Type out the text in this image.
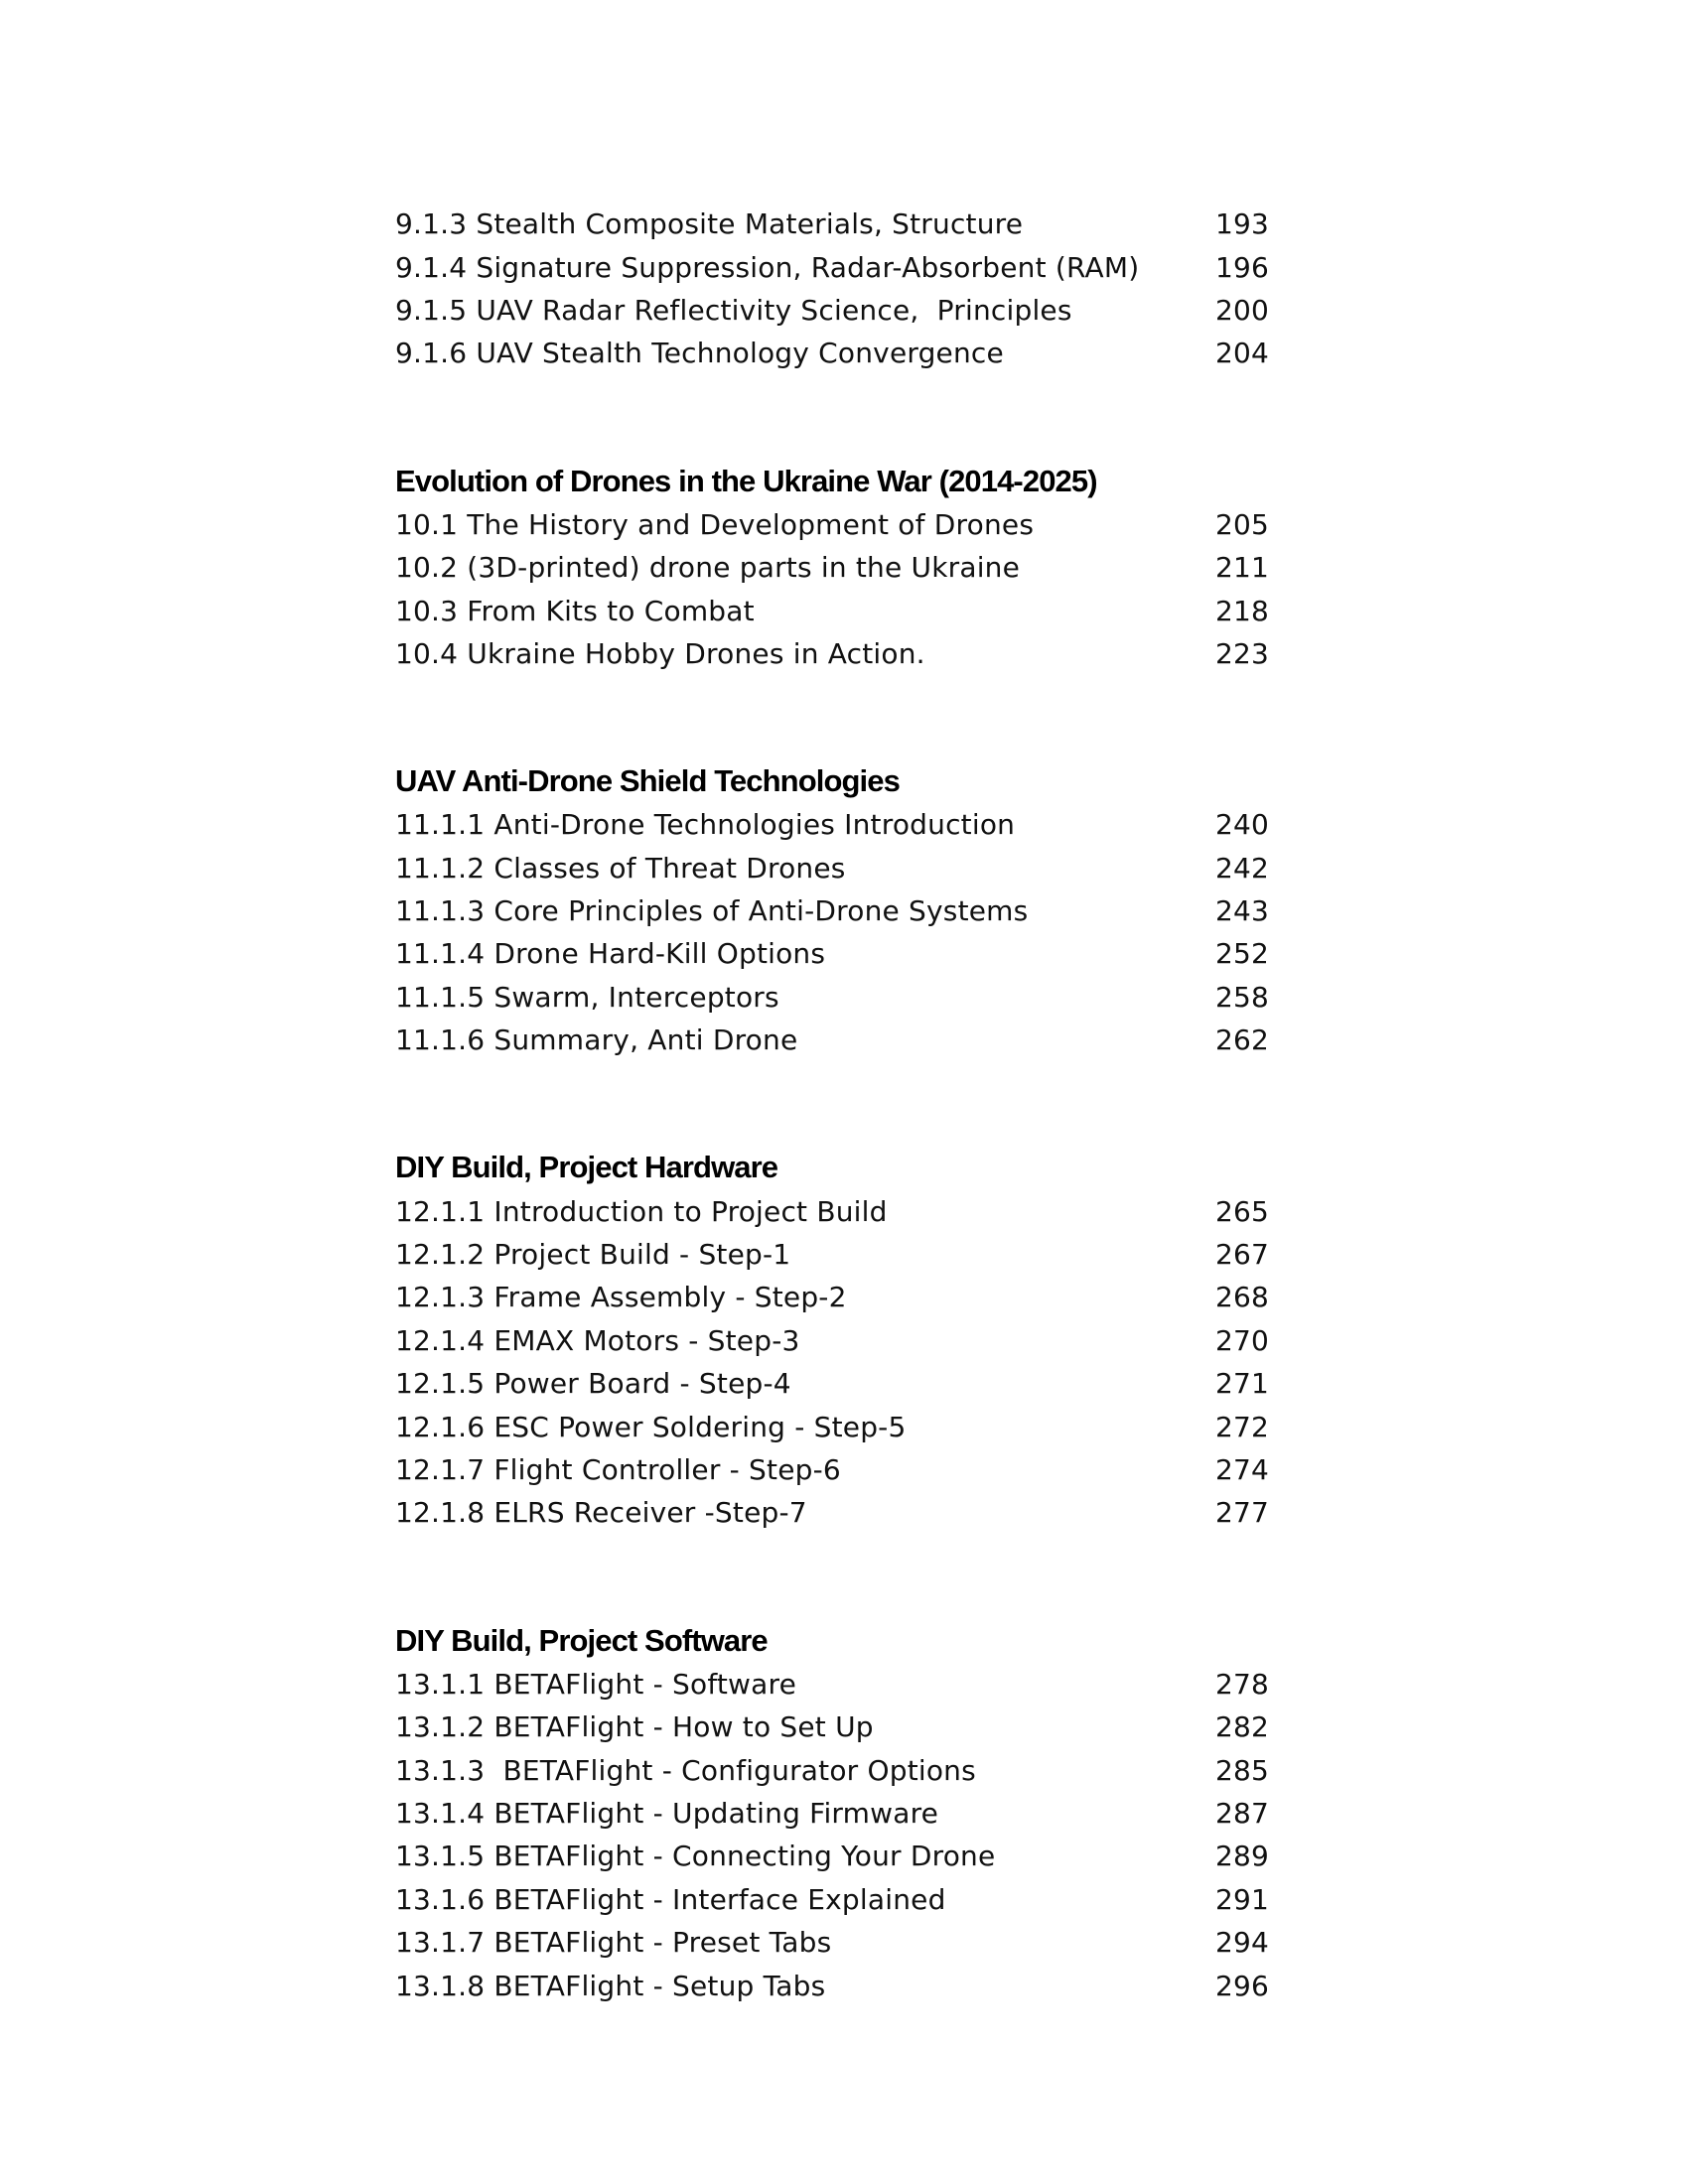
9.1.3 Stealth Composite Materials, Structure	193
9.1.4 Signature Suppression, Radar-Absorbent (RAM)	196
9.1.5 UAV Radar Reflectivity Science,  Principles	200
9.1.6 UAV Stealth Technology Convergence	204
Evolution of Drones in the Ukraine War (2014-2025)
10.1 The History and Development of Drones	205
10.2 (3D-printed) drone parts in the Ukraine	211
10.3 From Kits to Combat	218
10.4 Ukraine Hobby Drones in Action.	223
UAV Anti-Drone Shield Technologies
11.1.1 Anti-Drone Technologies Introduction	240
11.1.2 Classes of Threat Drones	242
11.1.3 Core Principles of Anti-Drone Systems	243
11.1.4 Drone Hard-Kill Options	252
11.1.5 Swarm, Interceptors	258
11.1.6 Summary, Anti Drone	262
DIY Build, Project Hardware
12.1.1 Introduction to Project Build	265
12.1.2 Project Build - Step-1	267
12.1.3 Frame Assembly - Step-2	268
12.1.4 EMAX Motors - Step-3	270
12.1.5 Power Board - Step-4	271
12.1.6 ESC Power Soldering - Step-5	272
12.1.7 Flight Controller - Step-6	274
12.1.8 ELRS Receiver -Step-7	277
DIY Build, Project Software
13.1.1 BETAFlight - Software	278
13.1.2 BETAFlight - How to Set Up	282
13.1.3  BETAFlight - Configurator Options	285
13.1.4 BETAFlight - Updating Firmware	287
13.1.5 BETAFlight - Connecting Your Drone	289
13.1.6 BETAFlight - Interface Explained	291
13.1.7 BETAFlight - Preset Tabs	294
13.1.8 BETAFlight - Setup Tabs	296
